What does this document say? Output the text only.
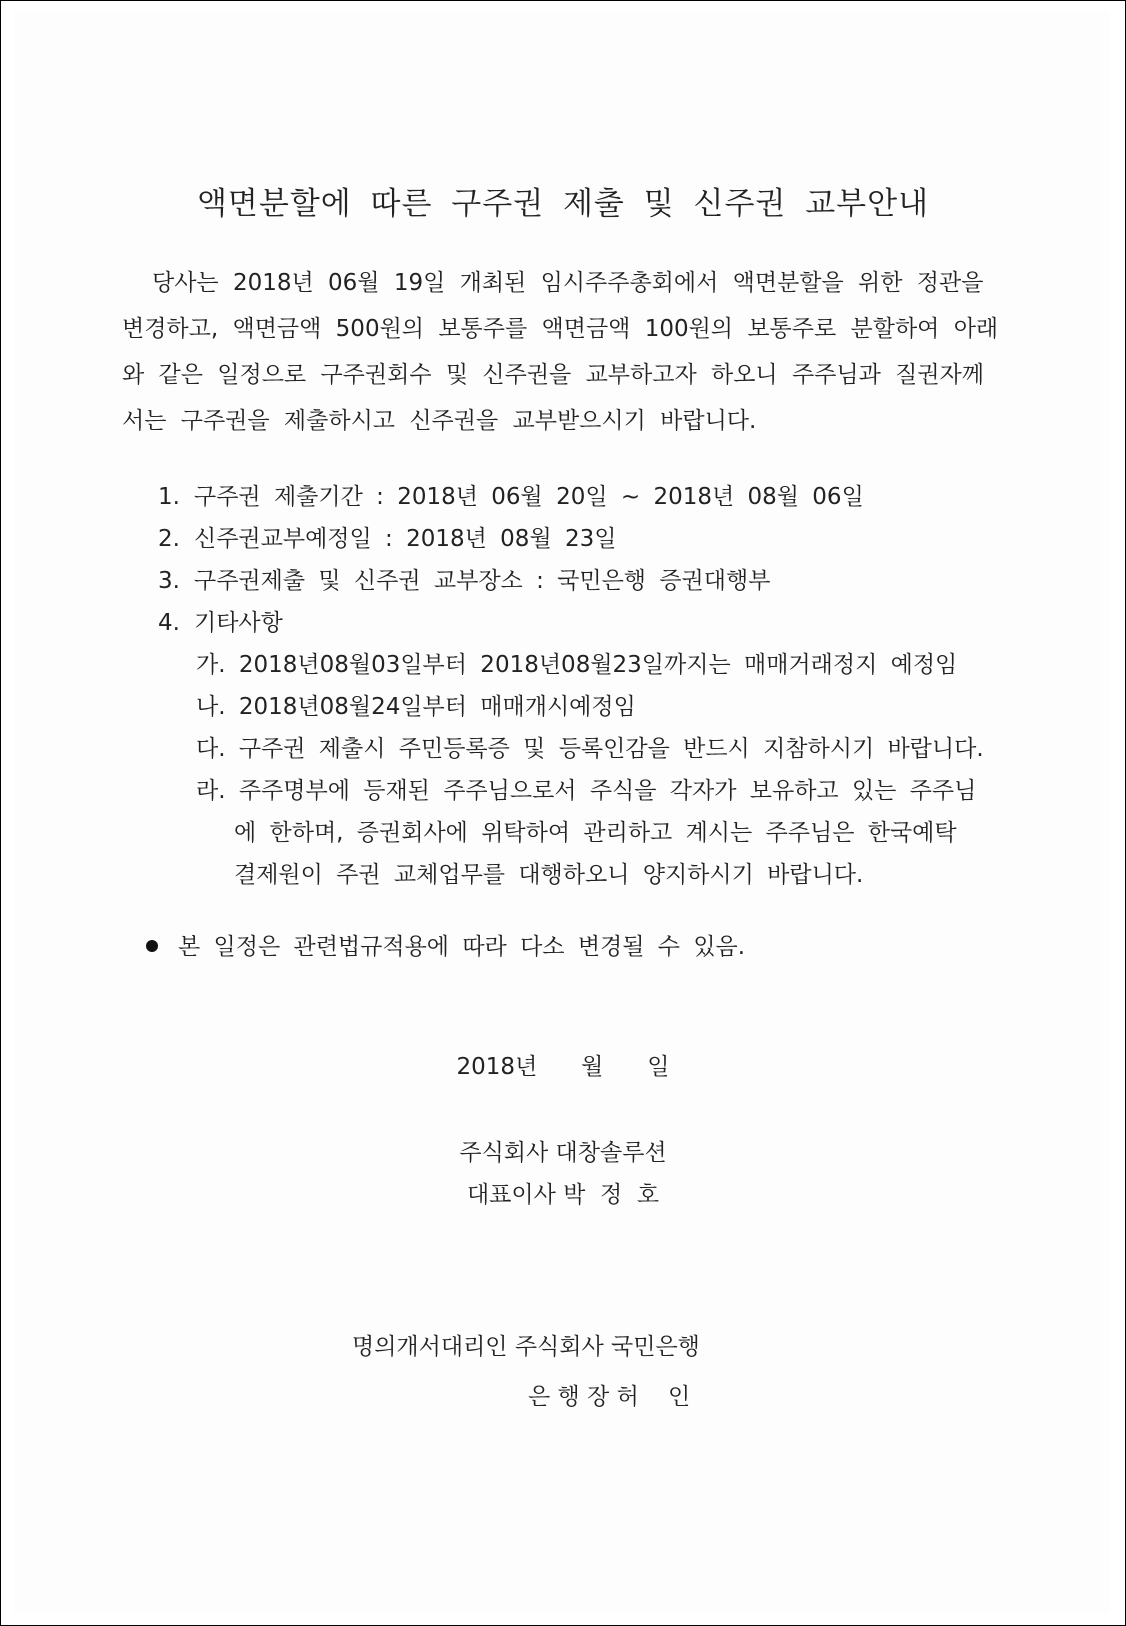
액면분할에 따른 구주권 제출 및 신주권 교부안내
당사는 2018년 06월 19일 개최된 임시주주총회에서 액면분할을 위한 정관을
변경하고, 액면금액 500원의 보통주를 액면금액 100원의 보통주로 분할하여 아래
와 같은 일정으로 구주권회수 및 신주권을 교부하고자 하오니 주주님과 질권자께
서는 구주권을 제출하시고 신주권을 교부받으시기 바랍니다.
1. 구주권 제출기간 : 2018년 06월 20일 ~ 2018년 08월 06일
2. 신주권교부예정일 : 2018년 08월 23일
3. 구주권제출 및 신주권 교부장소 : 국민은행 증권대행부
4. 기타사항
가. 2018년08월03일부터 2018년08월23일까지는 매매거래정지 예정임
나. 2018년08월24일부터 매매개시예정임
다. 구주권 제출시 주민등록증 및 등록인감을 반드시 지참하시기 바랍니다.
라. 주주명부에 등재된 주주님으로서 주식을 각자가 보유하고 있는 주주님
에 한하며, 증권회사에 위탁하여 관리하고 계시는 주주님은 한국예탁
결제원이 주권 교체업무를 대행하오니 양지하시기 바랍니다.
본 일정은 관련법규적용에 따라 다소 변경될 수 있음.
2018년      월      일
주식회사 대창솔루션
대표이사 박  정  호
명의개서대리인 주식회사 국민은행
은 행 장 허    인
